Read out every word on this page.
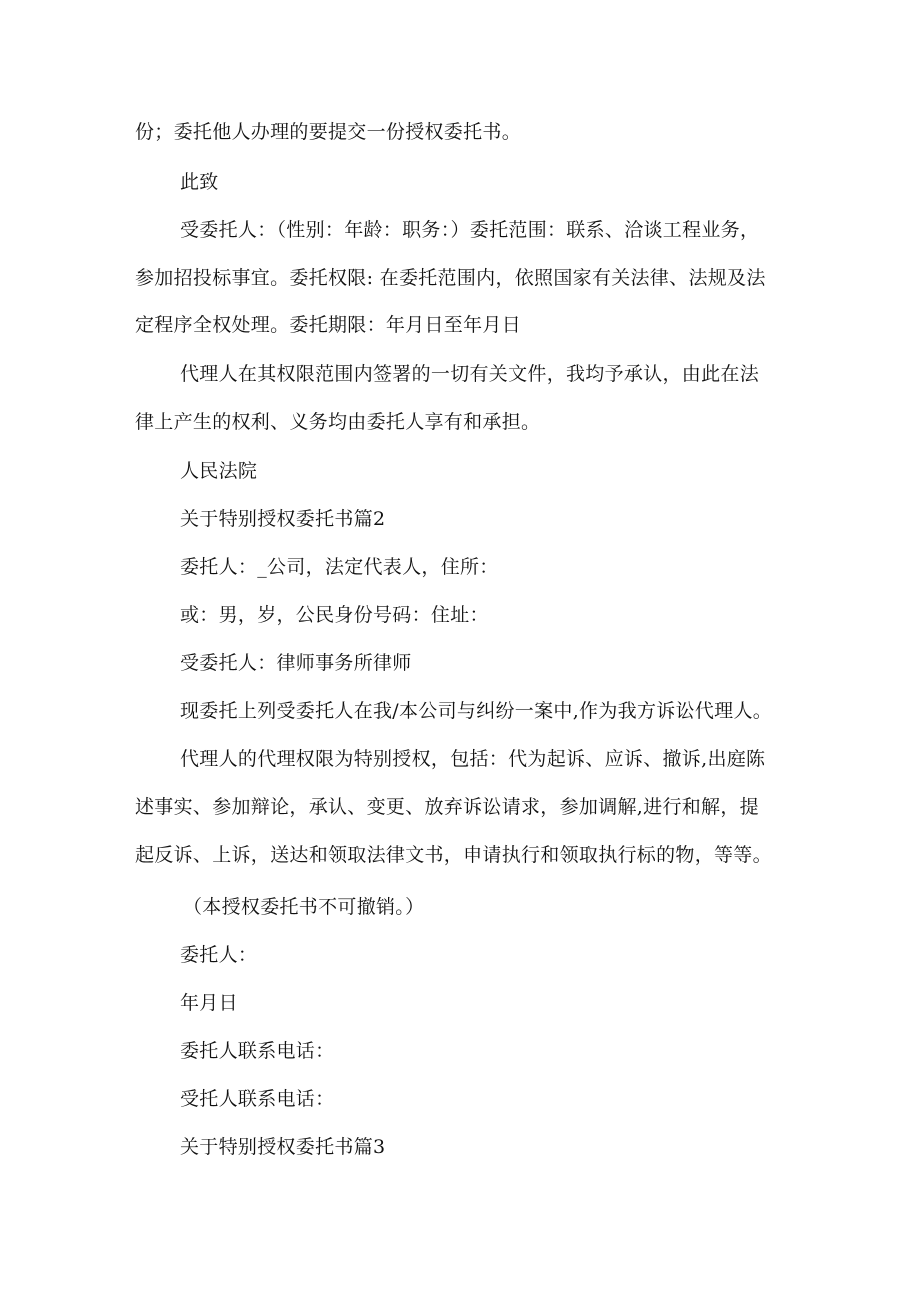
份；委托他人办理的要提交一份授权委托书。
此致
受委托人：（性别：年龄：职务：）委托范围：联系、洽谈工程业务，
参加招投标事宜。委托权限: 在委托范围内，依照国家有关法律、法规及法
定程序全权处理。委托期限：年月日至年月日
代理人在其权限范围内签署的一切有关文件，我均予承认，由此在法
律上产生的权利、义务均由委托人享有和承担。
人民法院
关于特别授权委托书篇2
委托人：_公司，法定代表人，住所：
或：男，岁，公民身份号码：住址：
受委托人：律师事务所律师
现委托上列受委托人在我/本公司与纠纷一案中,作为我方诉讼代理人。
代理人的代理权限为特别授权，包括：代为起诉、应诉、撤诉,出庭陈
述事实、参加辩论，承认、变更、放弃诉讼请求，参加调解,进行和解，提
起反诉、上诉，送达和领取法律文书，申请执行和领取执行标的物，等等。
（本授权委托书不可撤销。）
委托人：
年月日
委托人联系电话：
受托人联系电话：
关于特别授权委托书篇3
